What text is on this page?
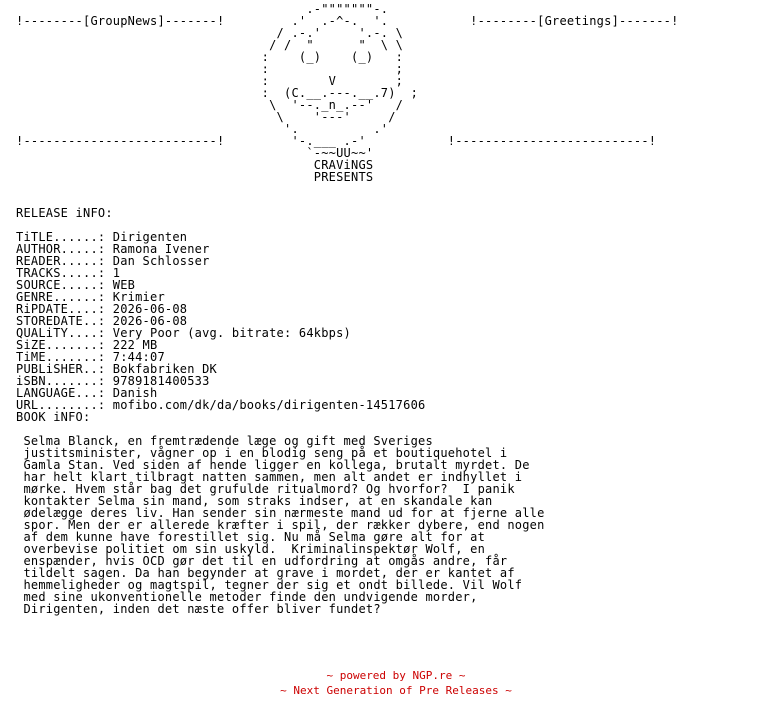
.-"""""""-.
!--------[GroupNews]-------!         .'  .-^-.  '.           !--------[Greetings]-------!
/ .-.'     '.-. \
/ /  "      "  \ \
:    (_)    (_)   :
:                 ;
:        V        ;
:  (C.__.---.__.7)  ;
\  '--._n_.--'   /
\    '---'     /
'.          .'
!--------------------------!         '-.___ .-'           !--------------------------!
`-~~UU~~'
CRAViNGS
PRESENTS

RELEASE iNFO:

TiTLE......: Dirigenten
AUTHOR.....: Ramona Ivener
READER.....: Dan Schlosser
TRACKS.....: 1
SOURCE.....: WEB
GENRE......: Krimier
RiPDATE....: 2026-06-08
STOREDATE..: 2026-06-08
QUALiTY....: Very Poor (avg. bitrate: 64kbps)
SiZE.......: 222 MB
TiME.......: 7:44:07
PUBLiSHER..: Bokfabriken DK
iSBN.......: 9789181400533
LANGUAGE...: Danish
URL........: mofibo.com/dk/da/books/dirigenten-14517606
BOOK iNFO:

Selma Blanck, en fremtrædende læge og gift med Sveriges
justitsminister, vågner op i en blodig seng på et boutiquehotel i
Gamla Stan. Ved siden af hende ligger en kollega, brutalt myrdet. De
har helt klart tilbragt natten sammen, men alt andet er indhyllet i
mørke. Hvem står bag det grufulde ritualmord? Og hvorfor?  I panik
kontakter Selma sin mand, som straks indser, at en skandale kan
ødelægge deres liv. Han sender sin nærmeste mand ud for at fjerne alle
spor. Men der er allerede kræfter i spil, der rækker dybere, end nogen
af dem kunne have forestillet sig. Nu må Selma gøre alt for at
overbevise politiet om sin uskyld.  Kriminalinspektør Wolf, en
enspænder, hvis OCD gør det til en udfordring at omgås andre, får
tildelt sagen. Da han begynder at grave i mordet, der er kantet af
hemmeligheder og magtspil, tegner der sig et ondt billede. Vil Wolf
med sine ukonventionelle metoder finde den undvigende morder,
Dirigenten, inden det næste offer bliver fundet?
~ powered by NGP.re ~
~ Next Generation of Pre Releases ~
